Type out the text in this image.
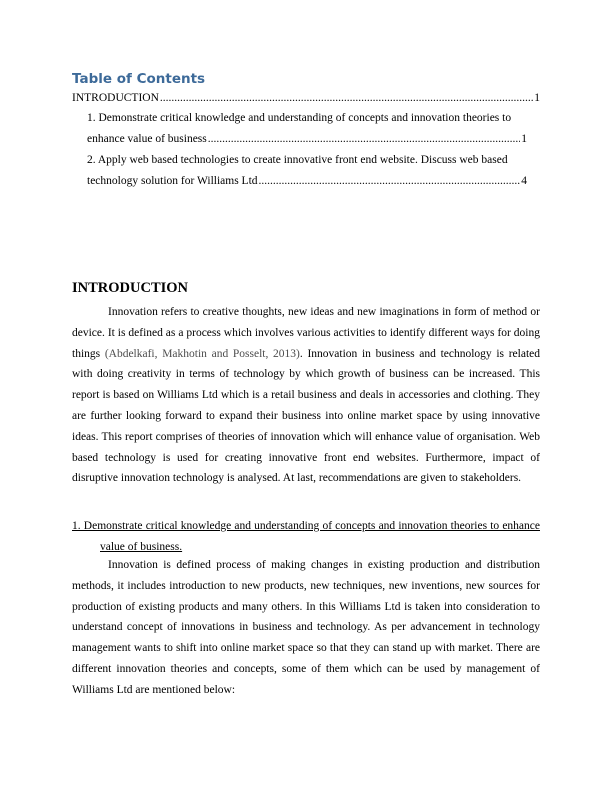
Table of Contents
INTRODUCTION .....	1
1. Demonstrate critical knowledge and understanding of concepts and innovation theories to
enhance value of business .....	1
2. Apply web based technologies to create innovative front end website. Discuss web based
technology solution for Williams Ltd .....	4
INTRODUCTION

Innovation refers to creative thoughts, new ideas and new imaginations in form of method or device. It is defined as a process which involves various activities to identify different ways for doing things (Abdelkafi, Makhotin and Posselt, 2013). Innovation in business and technology is related with doing creativity in terms of technology by which growth of business can be increased. This report is based on Williams Ltd which is a retail business and deals in accessories and clothing. They are further looking forward to expand their business into online market space by using innovative ideas. This report comprises of theories of innovation which will enhance value of organisation. Web based technology is used for creating innovative front end websites. Furthermore, impact of disruptive innovation technology is analysed. At last, recommendations are given to stakeholders.

1. Demonstrate critical knowledge and understanding of concepts and innovation theories to enhance value of business.

Innovation is defined process of making changes in existing production and distribution methods, it includes introduction to new products, new techniques, new inventions, new sources for production of existing products and many others. In this Williams Ltd is taken into consideration to understand concept of innovations in business and technology. As per advancement in technology management wants to shift into online market space so that they can stand up with market. There are different innovation theories and concepts, some of them which can be used by management of Williams Ltd are mentioned below:
